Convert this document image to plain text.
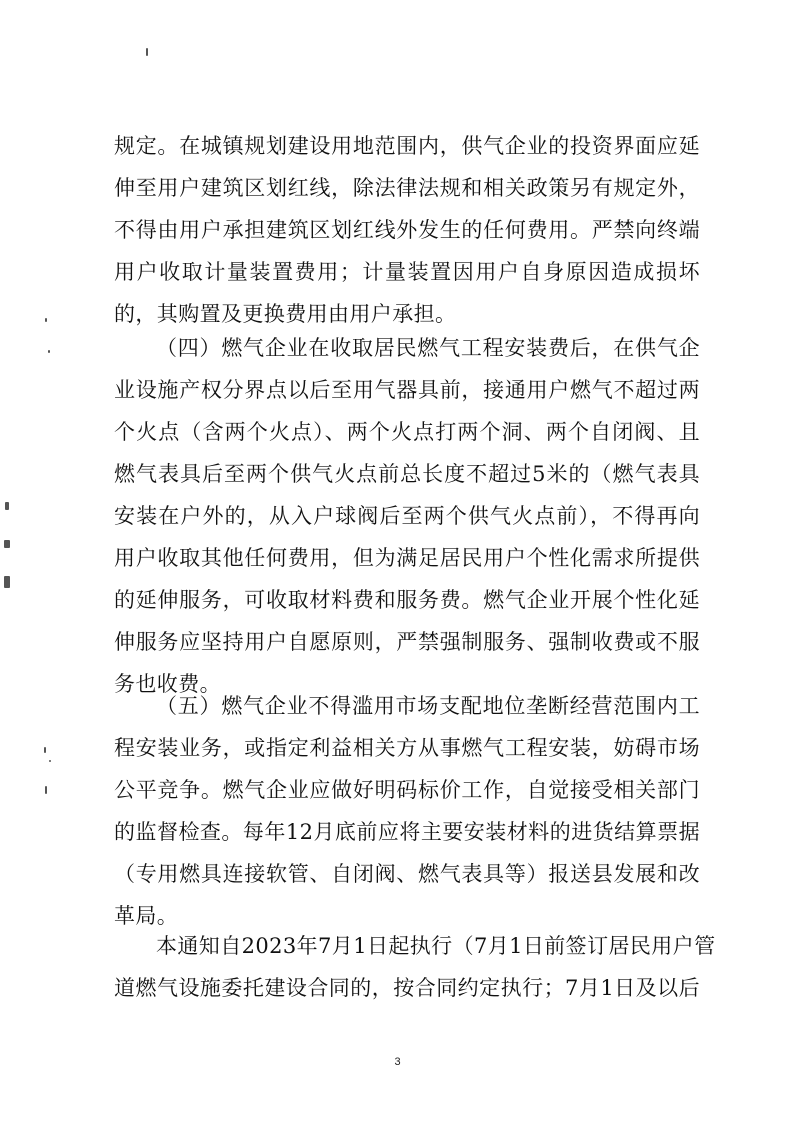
规定。在城镇规划建设用地范围内，供气企业的投资界面应延
伸至用户建筑区划红线，除法律法规和相关政策另有规定外，
不得由用户承担建筑区划红线外发生的任何费用。严禁向终端
用户收取计量装置费用；计量装置因用户自身原因造成损坏
的，其购置及更换费用由用户承担。
（四）燃气企业在收取居民燃气工程安装费后，在供气企
业设施产权分界点以后至用气器具前，接通用户燃气不超过两
个火点（含两个火点）、两个火点打两个洞、两个自闭阀、且
燃气表具后至两个供气火点前总长度不超过5米的（燃气表具
安装在户外的，从入户球阀后至两个供气火点前），不得再向
用户收取其他任何费用，但为满足居民用户个性化需求所提供
的延伸服务，可收取材料费和服务费。燃气企业开展个性化延
伸服务应坚持用户自愿原则，严禁强制服务、强制收费或不服
务也收费。
（五）燃气企业不得滥用市场支配地位垄断经营范围内工
程安装业务，或指定利益相关方从事燃气工程安装，妨碍市场
公平竞争。燃气企业应做好明码标价工作，自觉接受相关部门
的监督检查。每年12月底前应将主要安装材料的进货结算票据
（专用燃具连接软管、自闭阀、燃气表具等）报送县发展和改
革局。
本通知自2023年7月1日起执行（7月1日前签订居民用户管
道燃气设施委托建设合同的，按合同约定执行；7月1日及以后
3
